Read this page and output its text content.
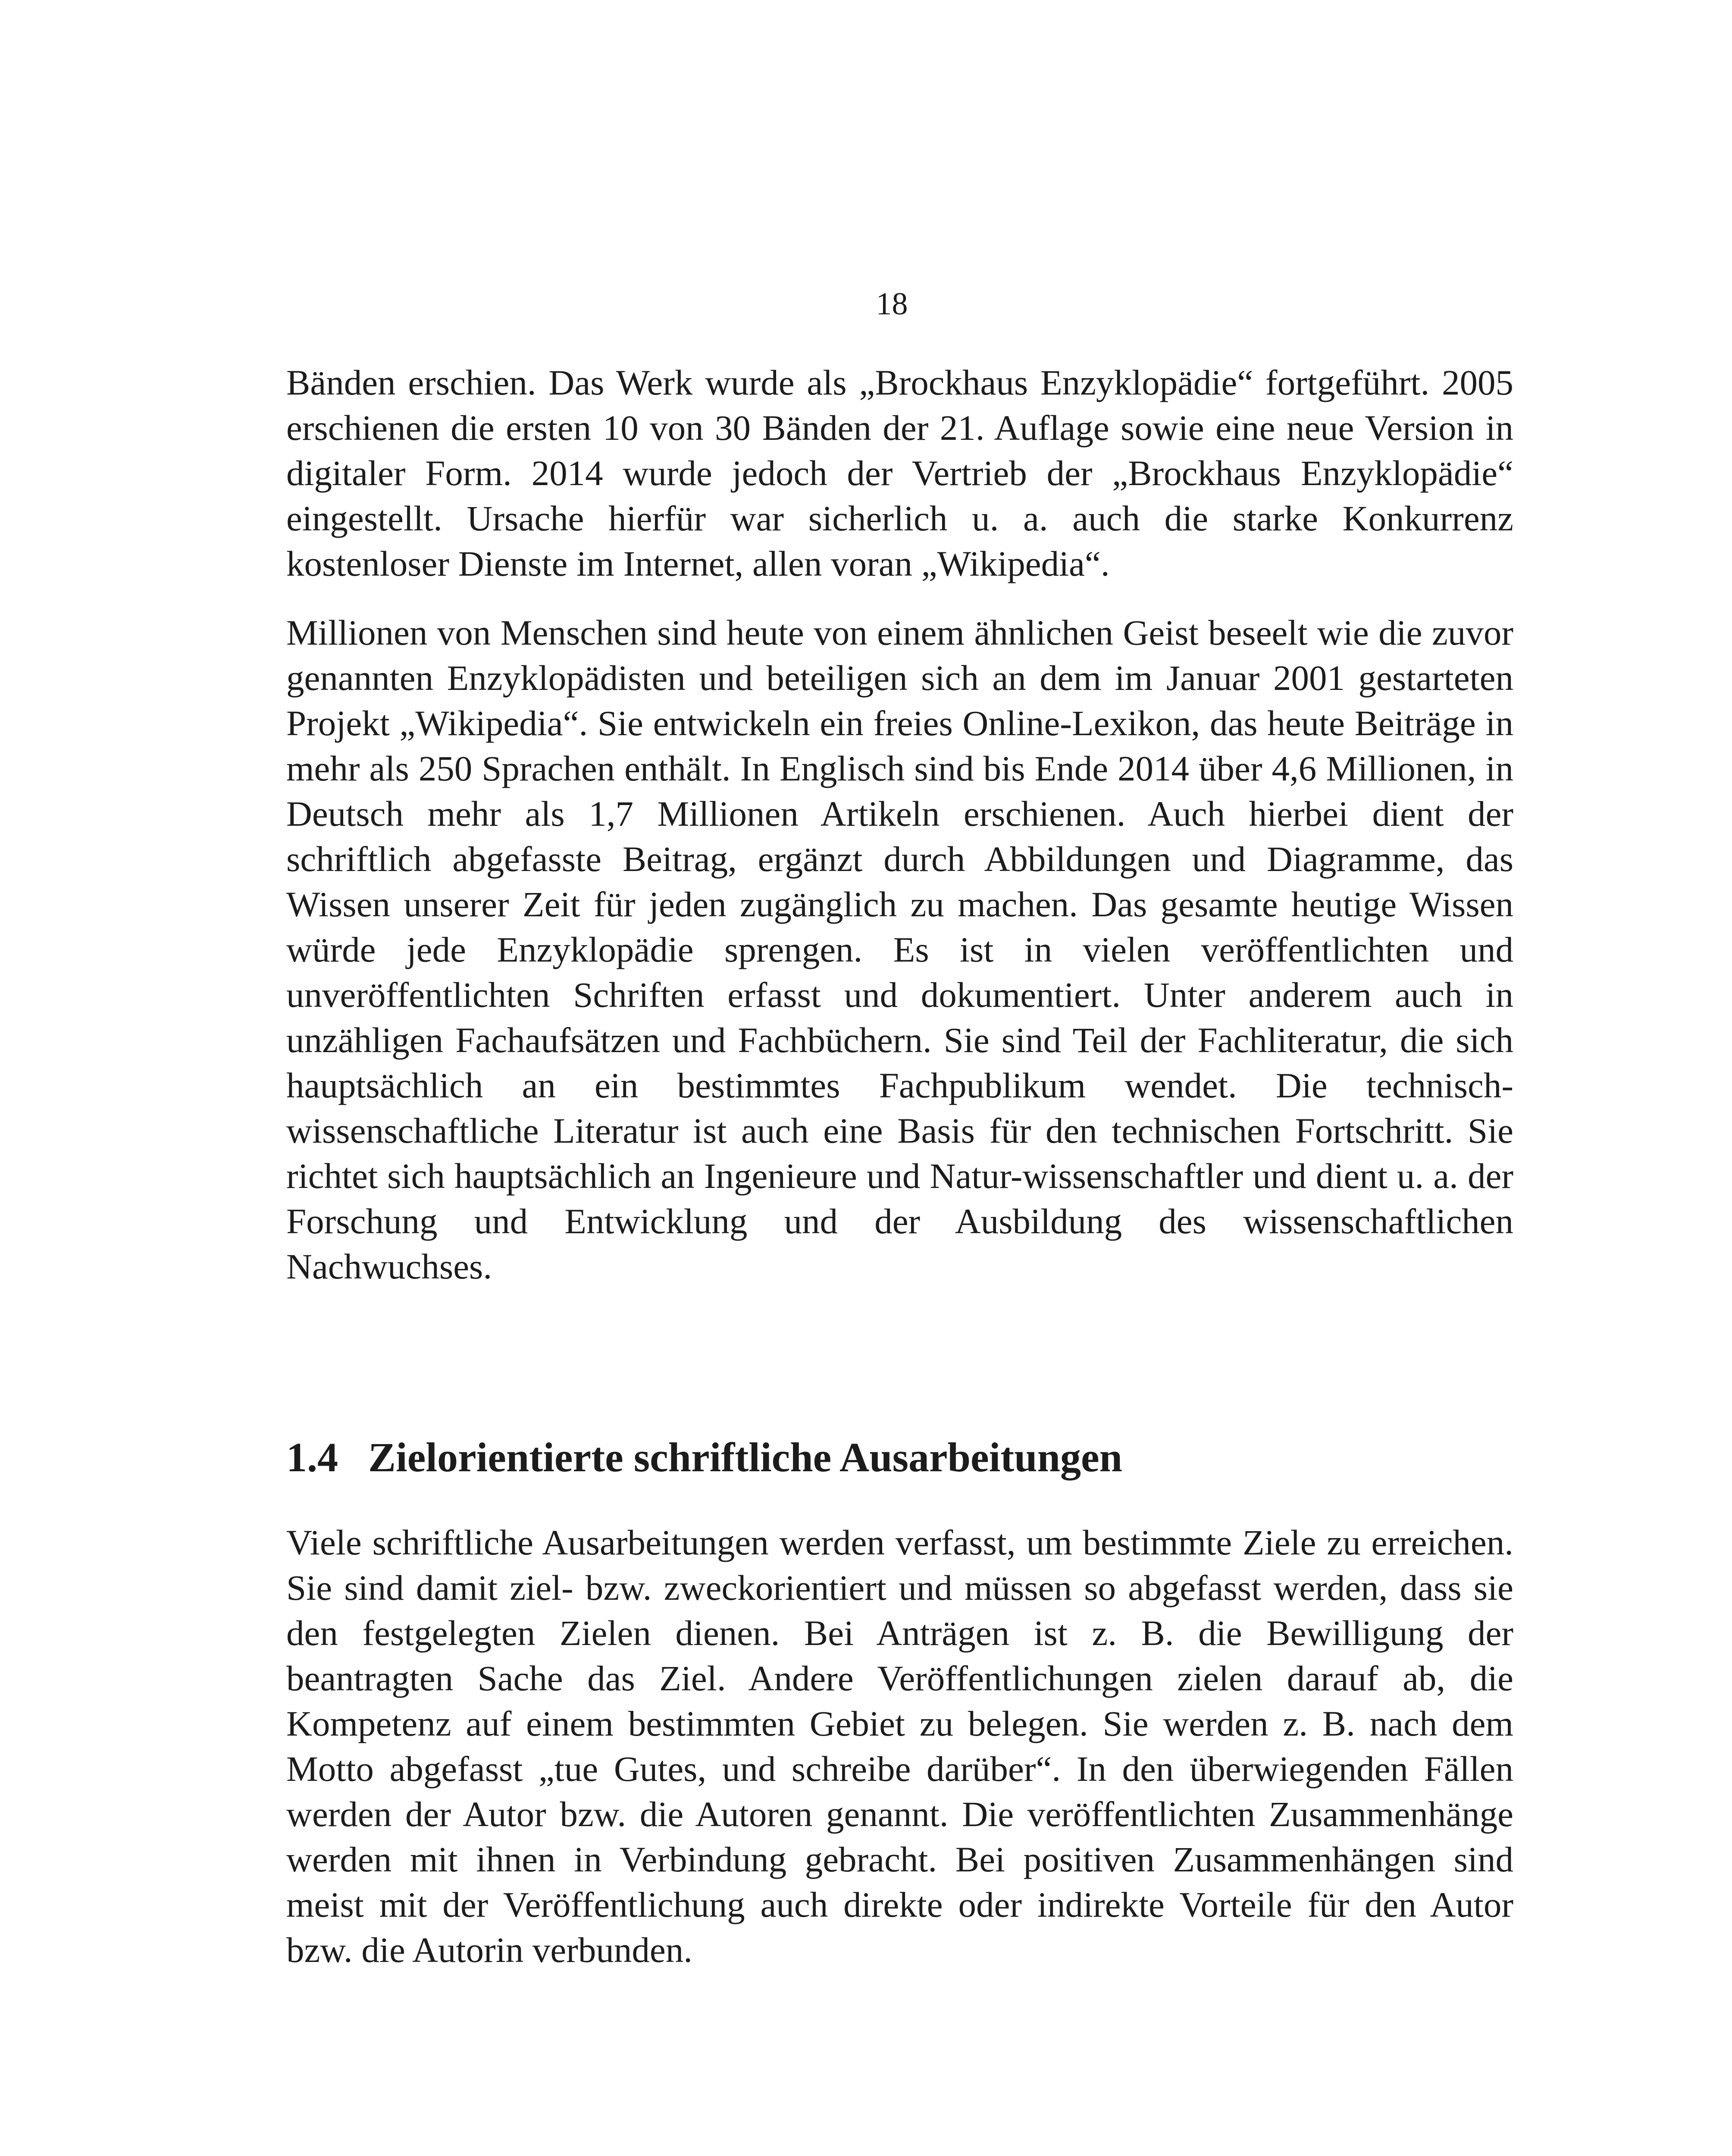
18

Bänden erschien. Das Werk wurde als „Brockhaus Enzyklopädie“ fortgeführt. 2005 erschienen die ersten 10 von 30 Bänden der 21. Auflage sowie eine neue Version in digitaler Form. 2014 wurde jedoch der Vertrieb der „Brockhaus Enzyklopädie“ eingestellt. Ursache hierfür war sicherlich u. a. auch die starke Konkurrenz kostenloser Dienste im Internet, allen voran „Wikipedia“.

Millionen von Menschen sind heute von einem ähnlichen Geist beseelt wie die zuvor genannten Enzyklopädisten und beteiligen sich an dem im Januar 2001 gestarteten Projekt „Wikipedia“. Sie entwickeln ein freies Online-Lexikon, das heute Beiträge in mehr als 250 Sprachen enthält. In Englisch sind bis Ende 2014 über 4,6 Millionen, in Deutsch mehr als 1,7 Millionen Artikeln erschienen. Auch hierbei dient der schriftlich abgefasste Beitrag, ergänzt durch Abbildungen und Diagramme, das Wissen unserer Zeit für jeden zugänglich zu machen. Das gesamte heutige Wissen würde jede Enzyklopädie sprengen. Es ist in vielen veröffentlichten und unveröffentlichten Schriften erfasst und dokumentiert. Unter anderem auch in unzähligen Fachaufsätzen und Fachbüchern. Sie sind Teil der Fachliteratur, die sich hauptsächlich an ein bestimmtes Fachpublikum wendet. Die technisch-wissenschaftliche Literatur ist auch eine Basis für den technischen Fortschritt. Sie richtet sich hauptsächlich an Ingenieure und Natur-wissenschaftler und dient u. a. der Forschung und Entwicklung und der Ausbildung des wissenschaftlichen Nachwuchses.

1.4 Zielorientierte schriftliche Ausarbeitungen

Viele schriftliche Ausarbeitungen werden verfasst, um bestimmte Ziele zu erreichen. Sie sind damit ziel- bzw. zweckorientiert und müssen so abgefasst werden, dass sie den festgelegten Zielen dienen. Bei Anträgen ist z. B. die Bewilligung der beantragten Sache das Ziel. Andere Veröffentlichungen zielen darauf ab, die Kompetenz auf einem bestimmten Gebiet zu belegen. Sie werden z. B. nach dem Motto abgefasst „tue Gutes, und schreibe darüber“. In den überwiegenden Fällen werden der Autor bzw. die Autoren genannt. Die veröffentlichten Zusammenhänge werden mit ihnen in Verbindung gebracht. Bei positiven Zusammenhängen sind meist mit der Veröffentlichung auch direkte oder indirekte Vorteile für den Autor bzw. die Autorin verbunden.
